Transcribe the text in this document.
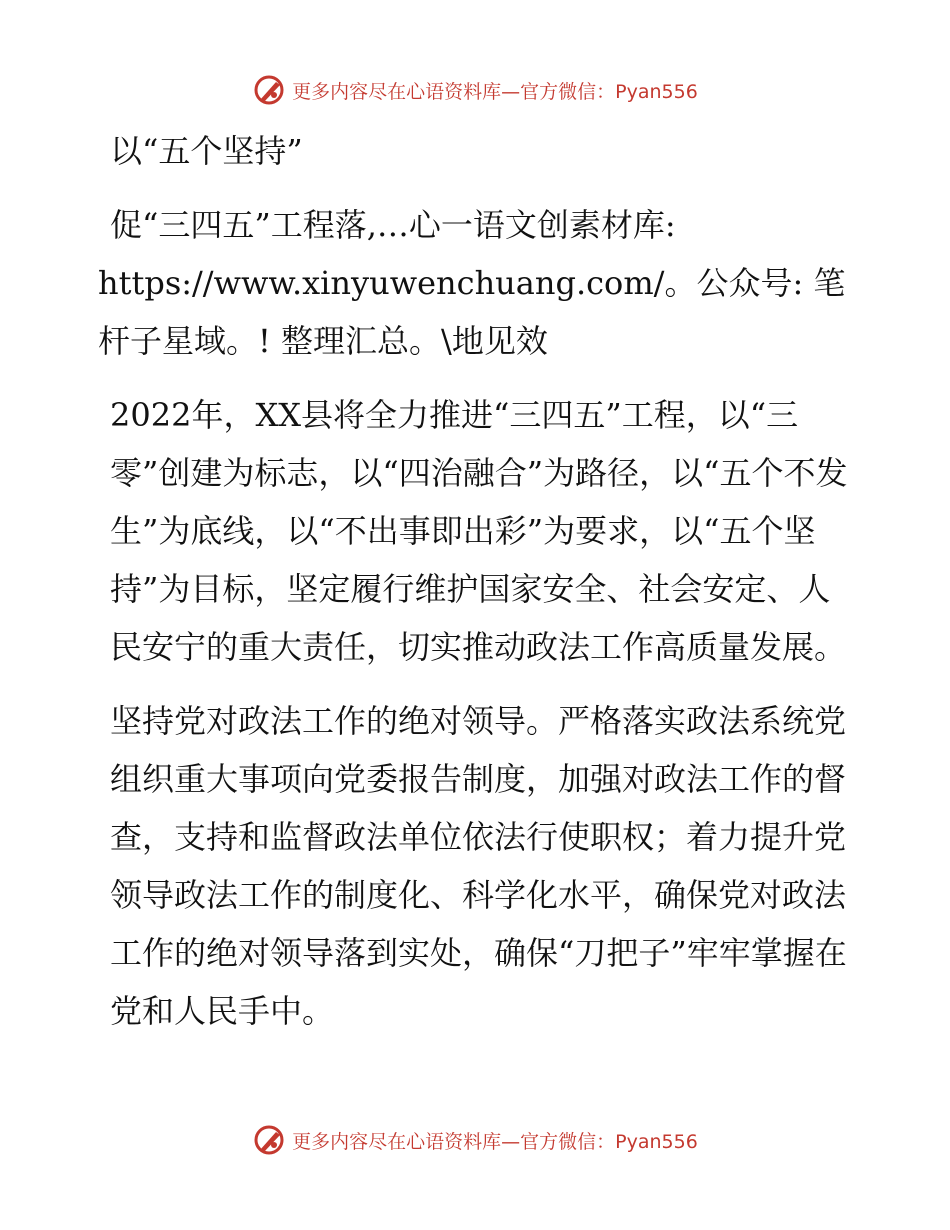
更多内容尽在心语资料库—官方微信：Pyan556

以“五个坚持”

促“三四五”工程落,…心一语文创素材库:

https://www.xinyuwenchuang.com/。公众号: 笔

杆子星域。! 整理汇总。\地见效

2022年，XX县将全力推进“三四五”工程，以“三零”创建为标志，以“四治融合”为路径，以“五个不发生”为底线，以“不出事即出彩”为要求，以“五个坚持”为目标，坚定履行维护国家安全、社会安定、人民安宁的重大责任，切实推动政法工作高质量发展。

坚持党对政法工作的绝对领导。严格落实政法系统党组织重大事项向党委报告制度，加强对政法工作的督查，支持和监督政法单位依法行使职权；着力提升党领导政法工作的制度化、科学化水平，确保党对政法工作的绝对领导落到实处，确保“刀把子”牢牢掌握在党和人民手中。

更多内容尽在心语资料库—官方微信：Pyan556
